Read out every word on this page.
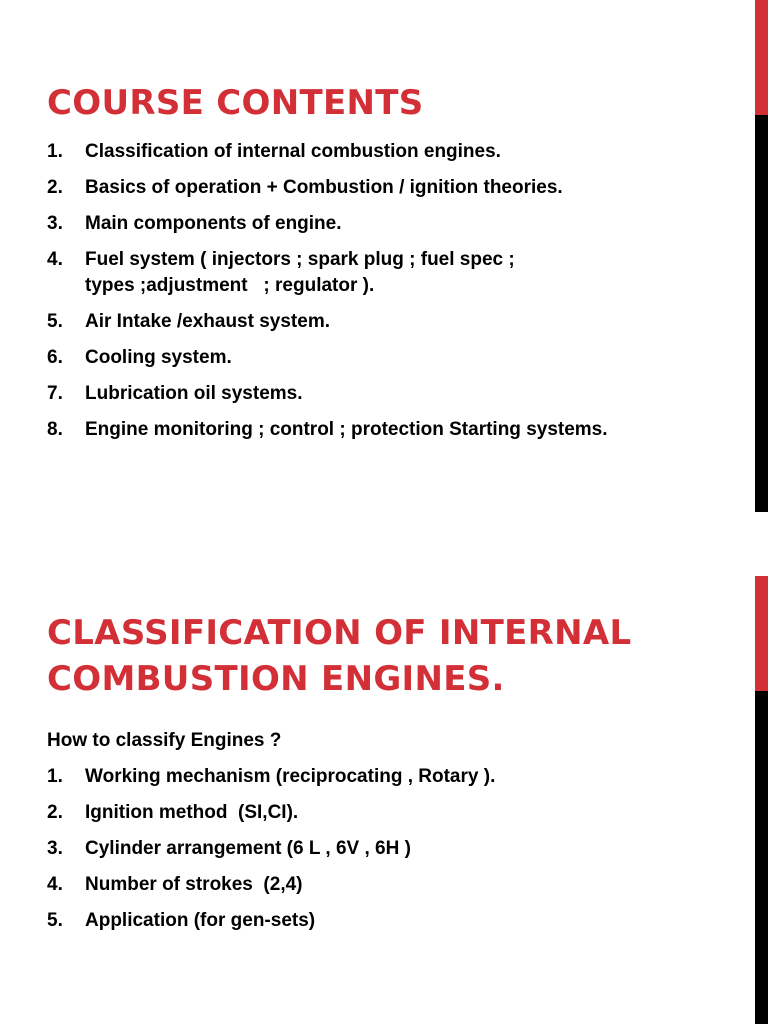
COURSE CONTENTS
1. Classification of internal combustion engines.
2. Basics of operation + Combustion / ignition theories.
3. Main components of engine.
4. Fuel system ( injectors ; spark plug ; fuel spec ;
types ;adjustment   ; regulator ).
5. Air Intake /exhaust system.
6. Cooling system.
7. Lubrication oil systems.
8. Engine monitoring ; control ; protection Starting systems.
CLASSIFICATION OF INTERNAL
COMBUSTION ENGINES.

How to classify Engines ?

1. Working mechanism (reciprocating , Rotary ).
2. Ignition method  (SI,CI).
3. Cylinder arrangement (6 L , 6V , 6H )
4. Number of strokes  (2,4)
5. Application (for gen-sets)
